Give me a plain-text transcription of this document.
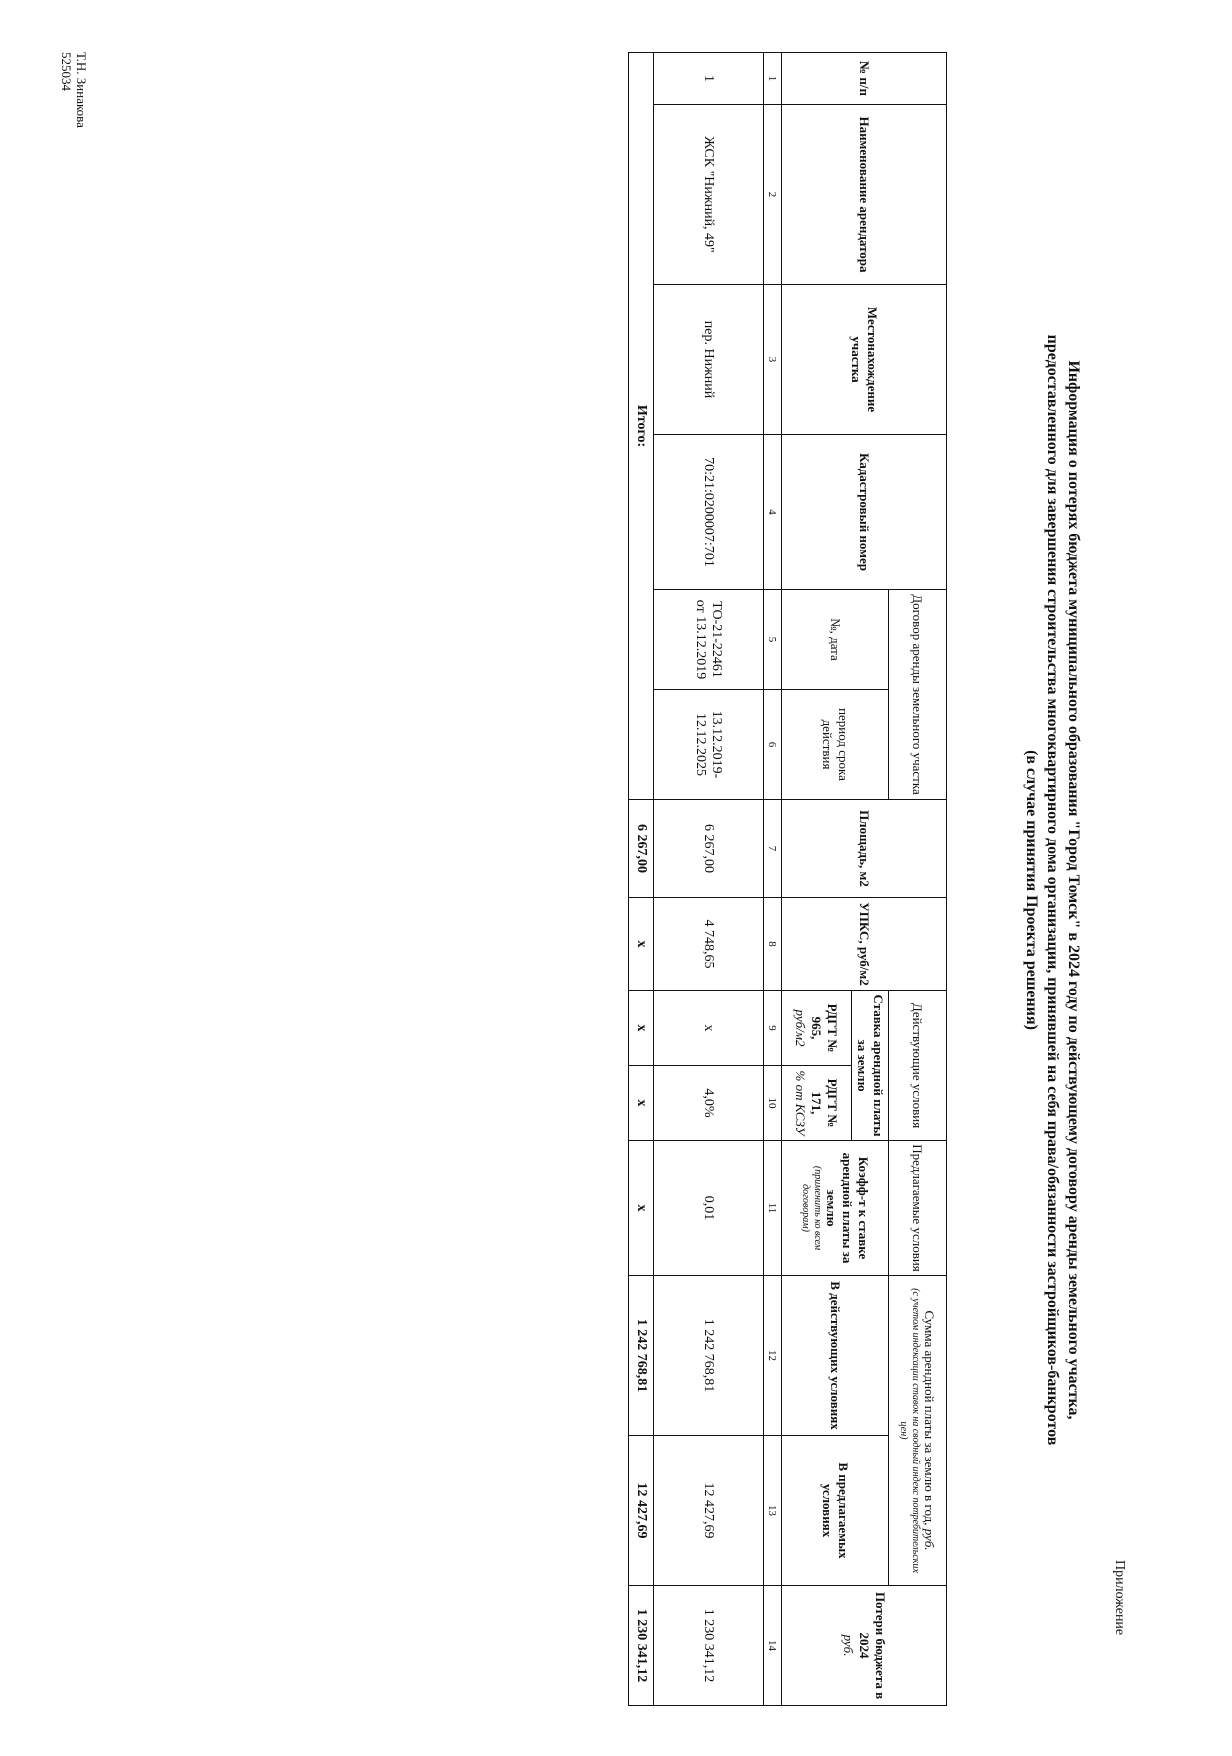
Приложение
Информация о потерях бюджета муниципального образования "Город Томск" в 2024 году по действующему договору аренды земельного участка,
предоставленного для завершения строительства многоквартирного дома организации, принявшей на себя права/обязанности застройщиков-банкротов
(в случае принятия Проекта решения)
№ п/п	Наименование арендатора	Местонахождение участка	Кадастровый номер	Договор аренды земельного участка		Площадь, м2	УПКС, руб/м2	Действующие условия		Предлагаемые условия	Сумма арендной платы за землю в год, руб.
(с учетом индексации ставок на сводный индекс потребительских цен)		Потери бюджета в 2024
руб.
				№, дата	период срока действия			Ставка арендной платы за землю		Коэфф-т к ставке арендной платы за землю
(применить ко всем договорам)	В действующих условиях	В предлагаемых условиях	
								РДГТ № 965,
руб/м2	РДГТ № 171,
% от КСЗУ				
1	2	3	4	5	6	7	8	9	10	11	12	13	14
1	ЖСК "Нижний, 49"	пер. Нижний	70:21:0200007:701	ТО-21-22461
от 13.12.2019	13.12.2019-
12.12.2025	6 267,00	4 748,65	x	4,0%	0,01	1 242 768,81	12 427,69	1 230 341,12
Итого:						6 267,00	x	x	x	x	1 242 768,81	12 427,69	1 230 341,12
Т.Н. Зинакова
525034
